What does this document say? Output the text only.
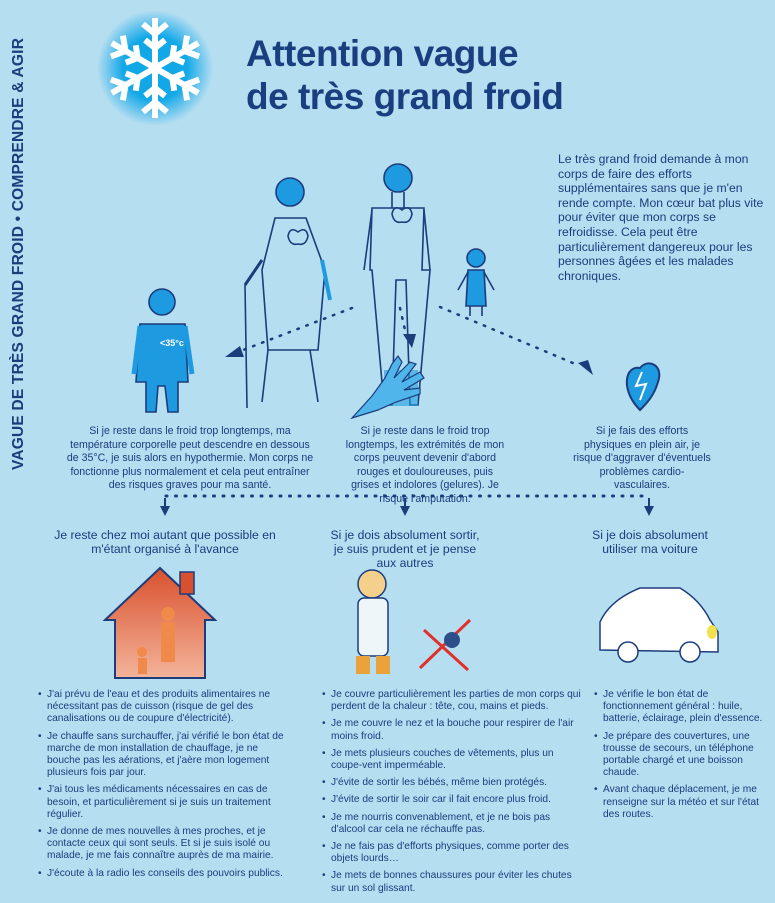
VAGUE DE TRÈS GRAND FROID • COMPRENDRE & AGIR	Attention vague
de très grand froid
Le très grand froid demande à mon corps de faire des efforts supplémentaires sans que je m'en rende compte. Mon cœur bat plus vite pour éviter que mon corps se refroidisse. Cela peut être particulièrement dangereux pour les personnes âgées et les malades chroniques.
<35°c
Si je reste dans le froid trop longtemps, ma température corporelle peut descendre en dessous de 35°C, je suis alors en hypothermie. Mon corps ne fonctionne plus normalement et cela peut entraîner des risques graves pour ma santé.
Si je reste dans le froid trop longtemps, les extrémités de mon corps peuvent devenir d'abord rouges et douloureuses, puis grises et indolores (gelures). Je risque l'amputation.
Si je fais des efforts physiques en plein air, je risque d'aggraver d'éventuels problèmes cardio-vasculaires.
Je reste chez moi autant que possible en m'étant organisé à l'avance
Si je dois absolument sortir, je suis prudent et je pense aux autres
Si je dois absolument utiliser ma voiture
• J'ai prévu de l'eau et des produits alimentaires ne nécessitant pas de cuisson (risque de gel des canalisations ou de coupure d'électricité).
• Je chauffe sans surchauffer, j'ai vérifié le bon état de marche de mon installation de chauffage, je ne bouche pas les aérations, et j'aère mon logement plusieurs fois par jour.
• J'ai tous les médicaments nécessaires en cas de besoin, et particulièrement si je suis un traitement régulier.
• Je donne de mes nouvelles à mes proches, et je contacte ceux qui sont seuls. Et si je suis isolé ou malade, je me fais connaître auprès de ma mairie.
• J'écoute à la radio les conseils des pouvoirs publics.
• Je couvre particulièrement les parties de mon corps qui perdent de la chaleur : tête, cou, mains et pieds.
• Je me couvre le nez et la bouche pour respirer de l'air moins froid.
• Je mets plusieurs couches de vêtements, plus un coupe-vent imperméable.
• J'évite de sortir les bébés, même bien protégés.
• J'évite de sortir le soir car il fait encore plus froid.
• Je me nourris convenablement, et je ne bois pas d'alcool car cela ne réchauffe pas.
• Je ne fais pas d'efforts physiques, comme porter des objets lourds…
• Je mets de bonnes chaussures pour éviter les chutes sur un sol glissant.
• Je vérifie le bon état de fonctionnement général : huile, batterie, éclairage, plein d'essence.
• Je prépare des couvertures, une trousse de secours, un téléphone portable chargé et une boisson chaude.
• Avant chaque déplacement, je me renseigne sur la météo et sur l'état des routes.
